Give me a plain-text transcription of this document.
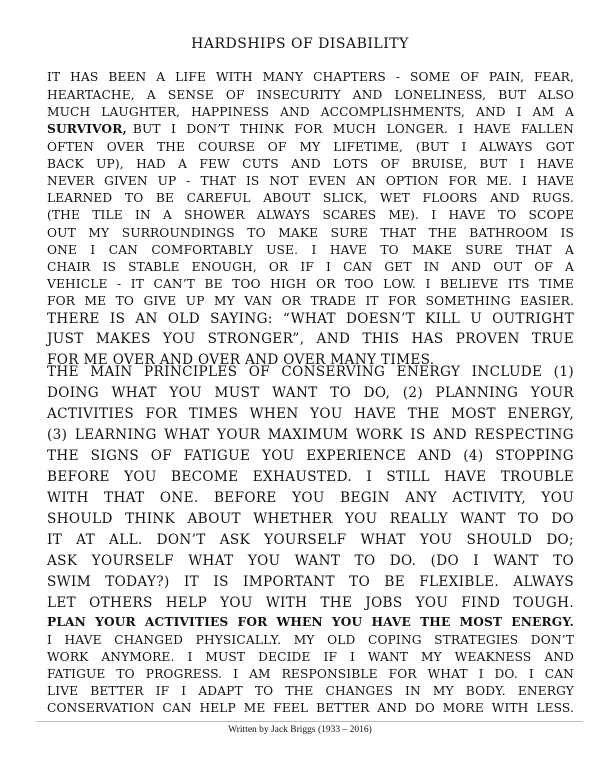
HARDSHIPS OF DISABILITY
IT HAS BEEN A LIFE WITH MANY CHAPTERS - SOME OF PAIN, FEAR,
HEARTACHE, A SENSE OF INSECURITY AND LONELINESS, BUT ALSO
MUCH LAUGHTER, HAPPINESS AND ACCOMPLISHMENTS, AND I AM A
SURVIVOR, BUT I DON’T THINK FOR MUCH LONGER. I HAVE FALLEN
OFTEN OVER THE COURSE OF MY LIFETIME, (BUT I ALWAYS GOT
BACK UP), HAD A FEW CUTS AND LOTS OF BRUISE, BUT I HAVE
NEVER GIVEN UP - THAT IS NOT EVEN AN OPTION FOR ME. I HAVE
LEARNED TO BE CAREFUL ABOUT SLICK, WET FLOORS AND RUGS.
(THE TILE IN A SHOWER ALWAYS SCARES ME). I HAVE TO SCOPE
OUT MY SURROUNDINGS TO MAKE SURE THAT THE BATHROOM IS
ONE I CAN COMFORTABLY USE. I HAVE TO MAKE SURE THAT A
CHAIR IS STABLE ENOUGH, OR IF I CAN GET IN AND OUT OF A
VEHICLE - IT CAN’T BE TOO HIGH OR TOO LOW. I BELIEVE ITS TIME
FOR ME TO GIVE UP MY VAN OR TRADE IT FOR SOMETHING EASIER.
THERE IS AN OLD SAYING: “WHAT DOESN’T KILL U OUTRIGHT
JUST MAKES YOU STRONGER”, AND THIS HAS PROVEN TRUE
FOR ME OVER AND OVER AND OVER MANY TIMES.
THE MAIN PRINCIPLES OF CONSERVING ENERGY INCLUDE (1)
DOING WHAT YOU MUST WANT TO DO, (2) PLANNING YOUR
ACTIVITIES FOR TIMES WHEN YOU HAVE THE MOST ENERGY,
(3) LEARNING WHAT YOUR MAXIMUM WORK IS AND RESPECTING
THE SIGNS OF FATIGUE YOU EXPERIENCE AND (4) STOPPING
BEFORE YOU BECOME EXHAUSTED. I STILL HAVE TROUBLE
WITH THAT ONE. BEFORE YOU BEGIN ANY ACTIVITY, YOU
SHOULD THINK ABOUT WHETHER YOU REALLY WANT TO DO
IT AT ALL. DON’T ASK YOURSELF WHAT YOU SHOULD DO;
ASK YOURSELF WHAT YOU WANT TO DO. (DO I WANT TO
SWIM TODAY?) IT IS IMPORTANT TO BE FLEXIBLE. ALWAYS
LET OTHERS HELP YOU WITH THE JOBS YOU FIND TOUGH.
PLAN YOUR ACTIVITIES FOR WHEN YOU HAVE THE MOST ENERGY.
I HAVE CHANGED PHYSICALLY. MY OLD COPING STRATEGIES DON’T
WORK ANYMORE. I MUST DECIDE IF I WANT MY WEAKNESS AND
FATIGUE TO PROGRESS. I AM RESPONSIBLE FOR WHAT I DO. I CAN
LIVE BETTER IF I ADAPT TO THE CHANGES IN MY BODY. ENERGY
CONSERVATION CAN HELP ME FEEL BETTER AND DO MORE WITH LESS.
Written by Jack Briggs (1933 – 2016)
